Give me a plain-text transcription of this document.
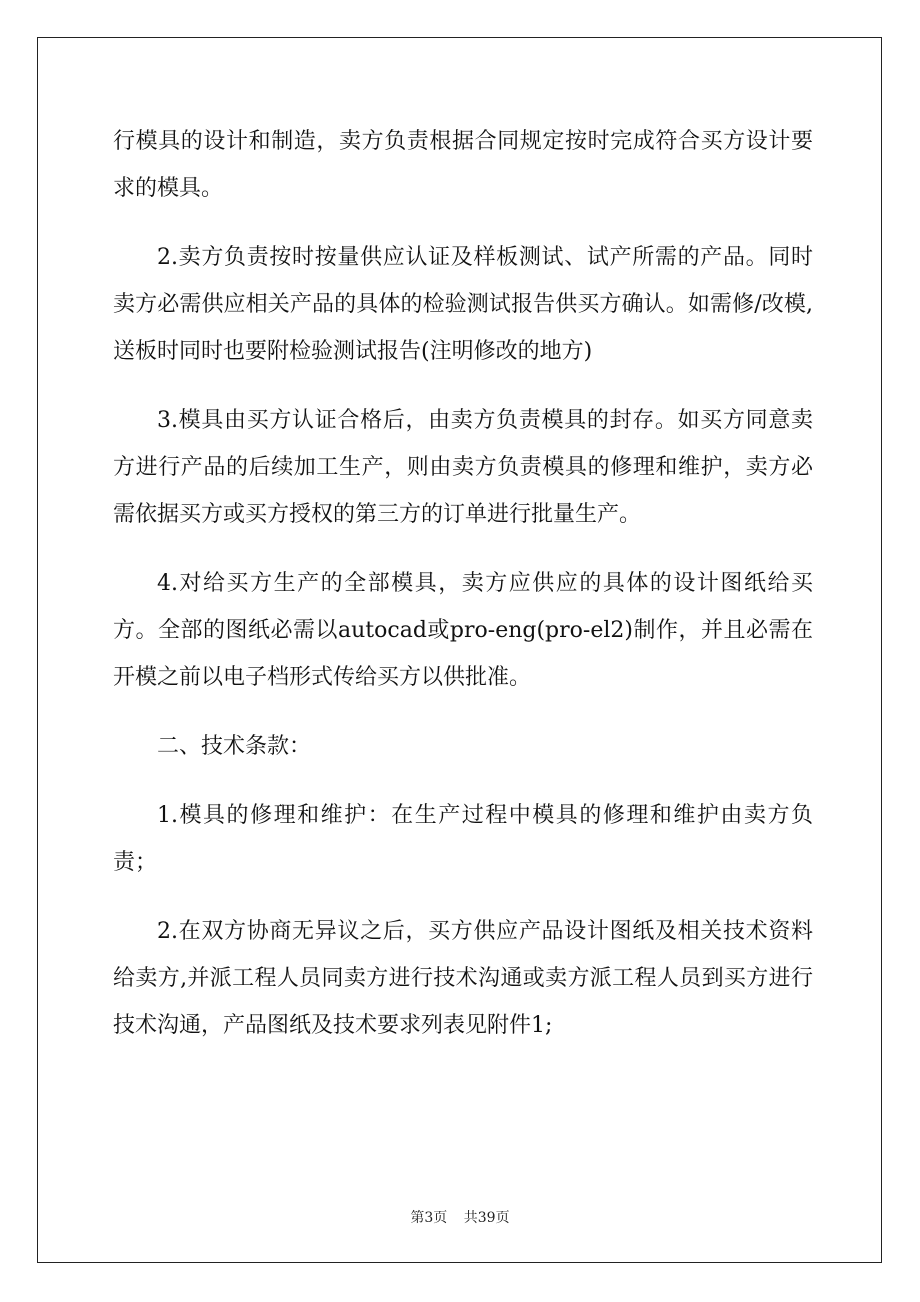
行模具的设计和制造，卖方负责根据合同规定按时完成符合买方设计要求的模具。

2.卖方负责按时按量供应认证及样板测试、试产所需的产品。同时卖方必需供应相关产品的具体的检验测试报告供买方确认。如需修/改模,送板时同时也要附检验测试报告(注明修改的地方)

3.模具由买方认证合格后，由卖方负责模具的封存。如买方同意卖方进行产品的后续加工生产，则由卖方负责模具的修理和维护，卖方必需依据买方或买方授权的第三方的订单进行批量生产。

4.对给买方生产的全部模具，卖方应供应的具体的设计图纸给买方。全部的图纸必需以autocad或pro-eng(pro-el2)制作，并且必需在开模之前以电子档形式传给买方以供批准。

二、技术条款：

1.模具的修理和维护：在生产过程中模具的修理和维护由卖方负责；

2.在双方协商无异议之后，买方供应产品设计图纸及相关技术资料给卖方,并派工程人员同卖方进行技术沟通或卖方派工程人员到买方进行技术沟通，产品图纸及技术要求列表见附件1;

第3页 共39页
